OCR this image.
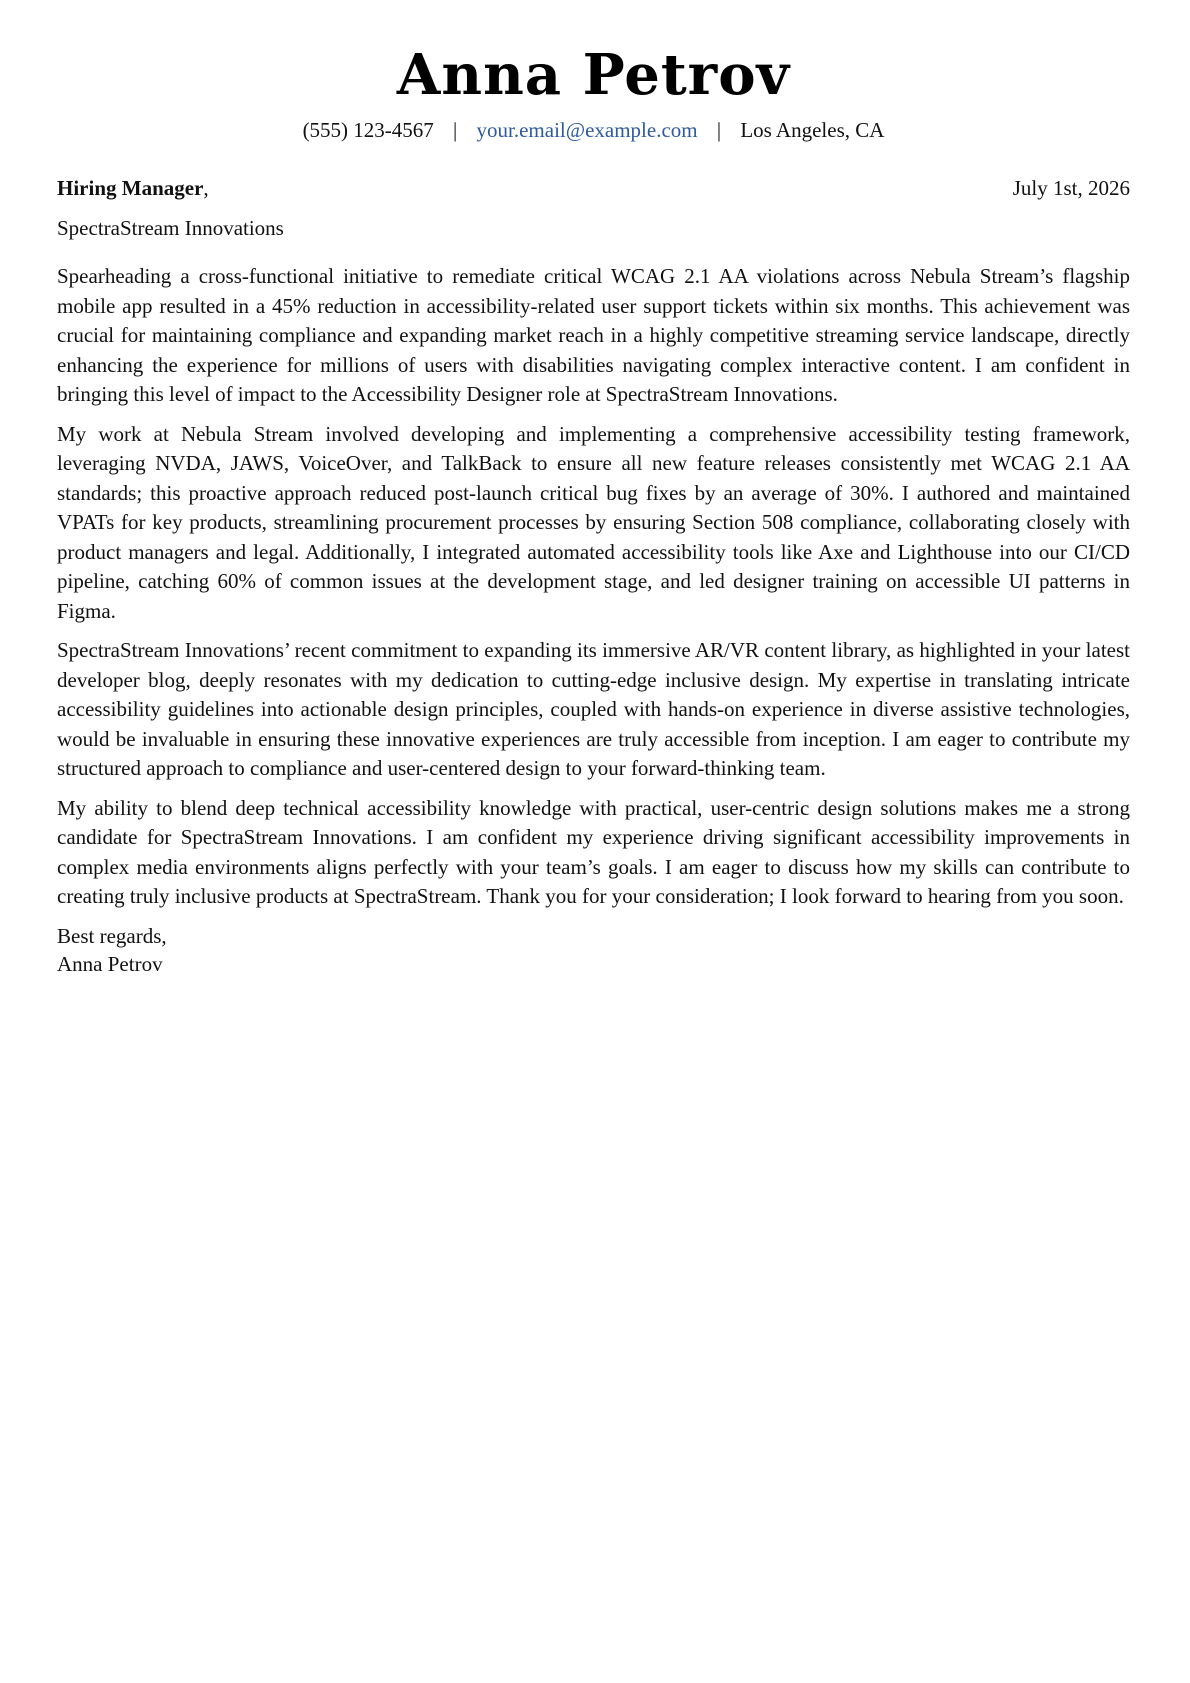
Anna Petrov
(555) 123-4567 | your.email@example.com | Los Angeles, CA
Hiring Manager,	July 1st, 2026
SpectraStream Innovations

Spearheading a cross-functional initiative to remediate critical WCAG 2.1 AA violations across Nebula Stream’s flagship mobile app resulted in a 45% reduction in accessibility-related user support tickets within six months. This achievement was crucial for maintaining compliance and expanding market reach in a highly competitive streaming service landscape, directly enhancing the experience for millions of users with disabilities navigating complex interactive content. I am confident in bringing this level of impact to the Accessibility Designer role at SpectraStream Innovations.

My work at Nebula Stream involved developing and implementing a comprehensive accessibility testing framework, leveraging NVDA, JAWS, VoiceOver, and TalkBack to ensure all new feature releases consistently met WCAG 2.1 AA standards; this proactive approach reduced post-launch critical bug fixes by an average of 30%. I authored and maintained VPATs for key products, streamlining procurement processes by ensuring Section 508 compliance, collaborating closely with product managers and legal. Additionally, I integrated automated accessibility tools like Axe and Lighthouse into our CI/CD pipeline, catching 60% of common issues at the development stage, and led designer training on accessible UI patterns in Figma.

SpectraStream Innovations’ recent commitment to expanding its immersive AR/VR content library, as highlighted in your latest developer blog, deeply resonates with my dedication to cutting-edge inclusive design. My expertise in translating intricate accessibility guidelines into actionable design principles, coupled with hands-on experience in diverse assistive technologies, would be invaluable in ensuring these innovative experiences are truly accessible from inception. I am eager to contribute my structured approach to compliance and user-centered design to your forward-thinking team.

My ability to blend deep technical accessibility knowledge with practical, user-centric design solutions makes me a strong candidate for SpectraStream Innovations. I am confident my experience driving significant accessibility improvements in complex media environments aligns perfectly with your team’s goals. I am eager to discuss how my skills can contribute to creating truly inclusive products at SpectraStream. Thank you for your consideration; I look forward to hearing from you soon.

Best regards,
Anna Petrov
